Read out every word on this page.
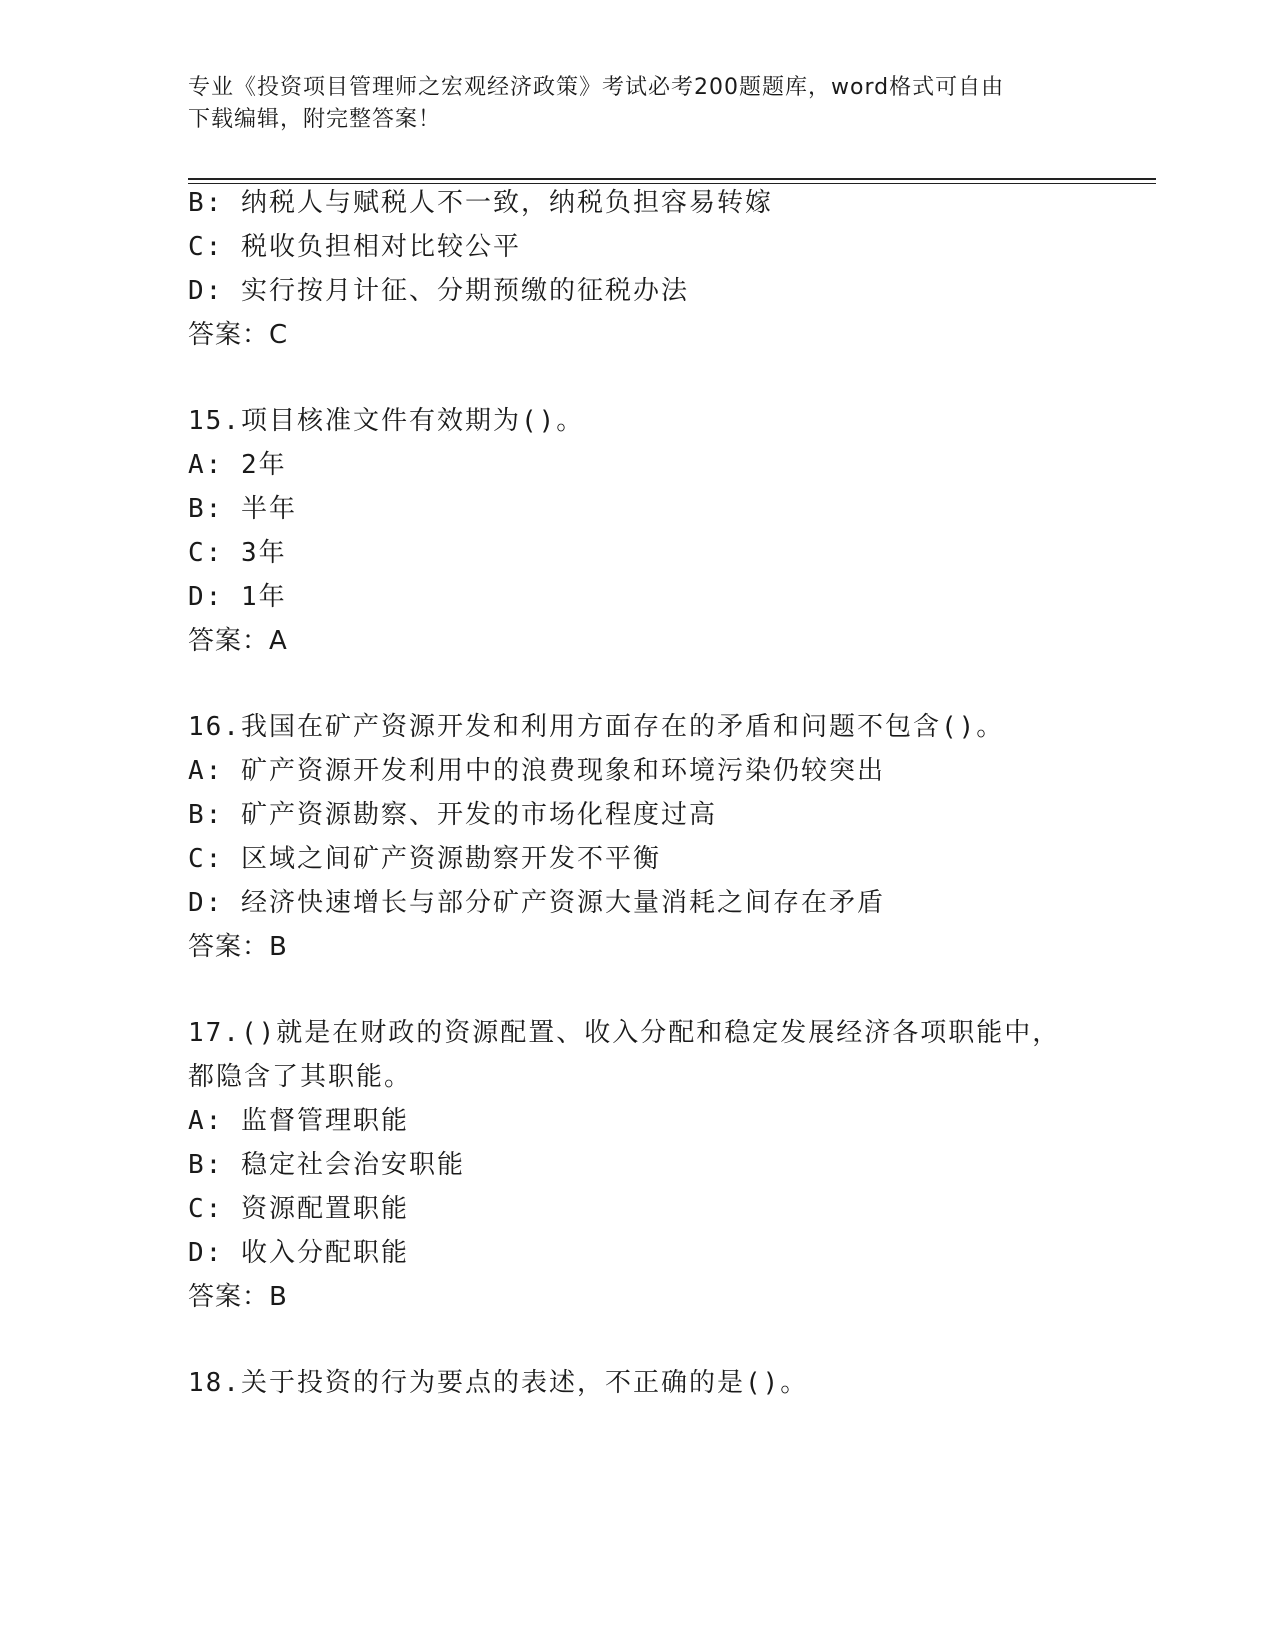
专业《投资项目管理师之宏观经济政策》考试必考200题题库，word格式可自由
下载编辑，附完整答案！
B: 纳税人与赋税人不一致，纳税负担容易转嫁
C: 税收负担相对比较公平
D: 实行按月计征、分期预缴的征税办法
答案：C
15.项目核准文件有效期为()。
A: 2年
B: 半年
C: 3年
D: 1年
答案：A
16.我国在矿产资源开发和利用方面存在的矛盾和问题不包含()。
A: 矿产资源开发利用中的浪费现象和环境污染仍较突出
B: 矿产资源勘察、开发的市场化程度过高
C: 区域之间矿产资源勘察开发不平衡
D: 经济快速增长与部分矿产资源大量消耗之间存在矛盾
答案：B
17.()就是在财政的资源配置、收入分配和稳定发展经济各项职能中，
都隐含了其职能。
A: 监督管理职能
B: 稳定社会治安职能
C: 资源配置职能
D: 收入分配职能
答案：B
18.关于投资的行为要点的表述，不正确的是()。
